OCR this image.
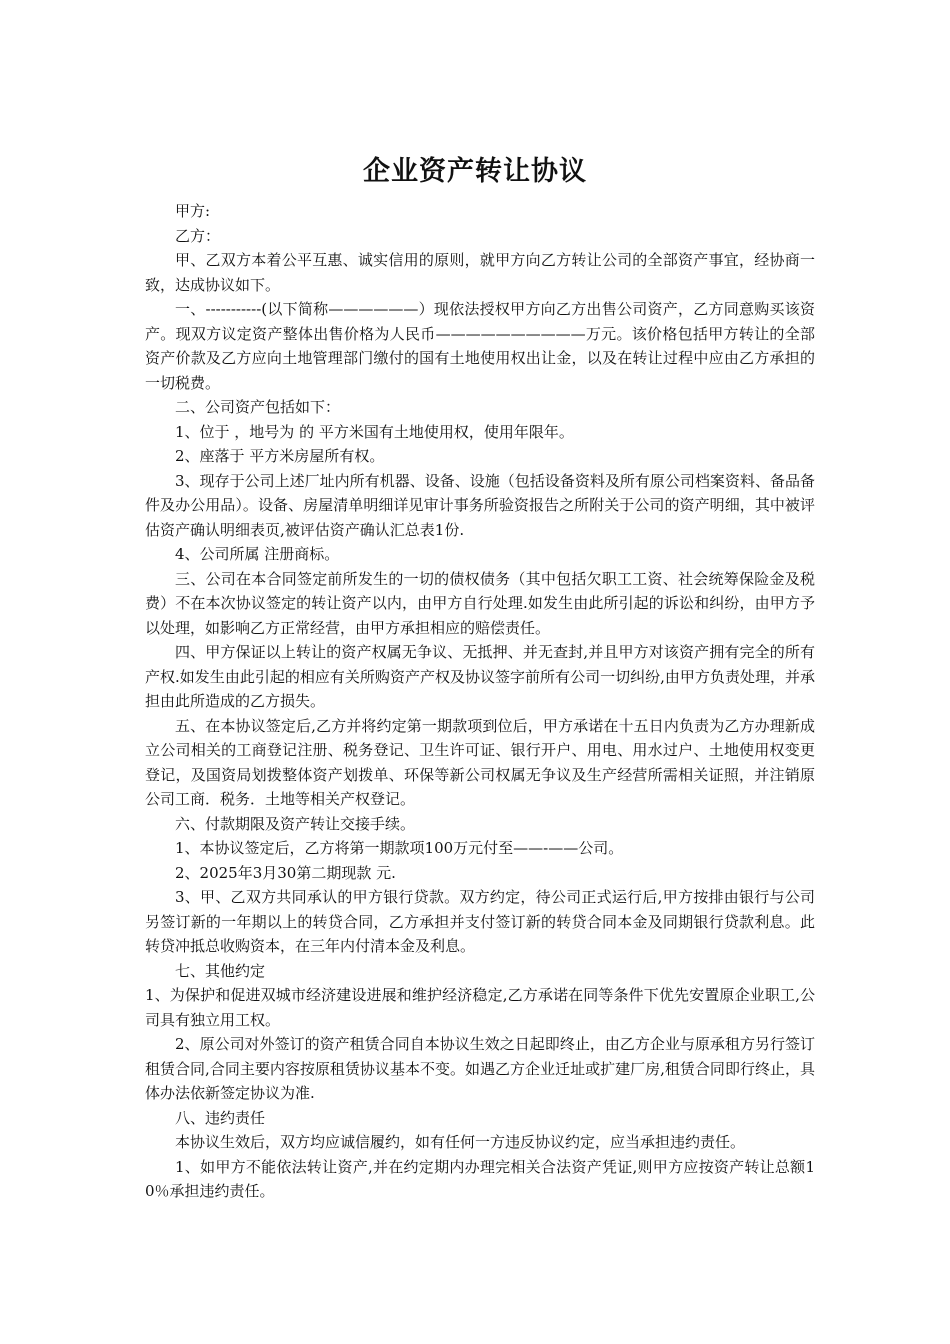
企业资产转让协议

甲方:

乙方：

甲、乙双方本着公平互惠、诚实信用的原则，就甲方向乙方转让公司的全部资产事宜，经协商一致，达成协议如下。

一、-----------(以下简称——————）现依法授权甲方向乙方出售公司资产，乙方同意购买该资产。现双方议定资产整体出售价格为人民币——————————万元。该价格包括甲方转让的全部资产价款及乙方应向土地管理部门缴付的国有土地使用权出让金，以及在转让过程中应由乙方承担的一切税费。

二、公司资产包括如下：

1、位于 ，地号为 的 平方米国有土地使用权，使用年限年。

2、座落于 平方米房屋所有权。

3、现存于公司上述厂址内所有机器、设备、设施（包括设备资料及所有原公司档案资料、备品备件及办公用品）。设备、房屋清单明细详见审计事务所验资报告之所附关于公司的资产明细，其中被评估资产确认明细表页,被评估资产确认汇总表1份.

4、公司所属 注册商标。

三、公司在本合同签定前所发生的一切的债权债务（其中包括欠职工工资、社会统筹保险金及税费）不在本次协议签定的转让资产以内，由甲方自行处理.如发生由此所引起的诉讼和纠纷，由甲方予以处理，如影响乙方正常经营，由甲方承担相应的赔偿责任。

四、甲方保证以上转让的资产权属无争议、无抵押、并无查封,并且甲方对该资产拥有完全的所有产权.如发生由此引起的相应有关所购资产产权及协议签字前所有公司一切纠纷,由甲方负责处理，并承担由此所造成的乙方损失。

五、在本协议签定后,乙方并将约定第一期款项到位后，甲方承诺在十五日内负责为乙方办理新成立公司相关的工商登记注册、税务登记、卫生许可证、银行开户、用电、用水过户、土地使用权变更登记，及国资局划拨整体资产划拨单、环保等新公司权属无争议及生产经营所需相关证照，并注销原公司工商．税务．土地等相关产权登记。

六、付款期限及资产转让交接手续。

1、本协议签定后，乙方将第一期款项100万元付至——-——公司。

2、2025年3月30第二期现款 元.

3、甲、乙双方共同承认的甲方银行贷款。双方约定，待公司正式运行后,甲方按排由银行与公司另签订新的一年期以上的转贷合同，乙方承担并支付签订新的转贷合同本金及同期银行贷款利息。此转贷冲抵总收购资本，在三年内付清本金及利息。

七、其他约定

1、为保护和促进双城市经济建设进展和维护经济稳定,乙方承诺在同等条件下优先安置原企业职工,公司具有独立用工权。

2、原公司对外签订的资产租赁合同自本协议生效之日起即终止，由乙方企业与原承租方另行签订租赁合同,合同主要内容按原租赁协议基本不变。如遇乙方企业迁址或扩建厂房,租赁合同即行终止，具体办法依新签定协议为准.

八、违约责任

本协议生效后，双方均应诚信履约，如有任何一方违反协议约定，应当承担违约责任。

1、如甲方不能依法转让资产,并在约定期内办理完相关合法资产凭证,则甲方应按资产转让总额10％承担违约责任。
